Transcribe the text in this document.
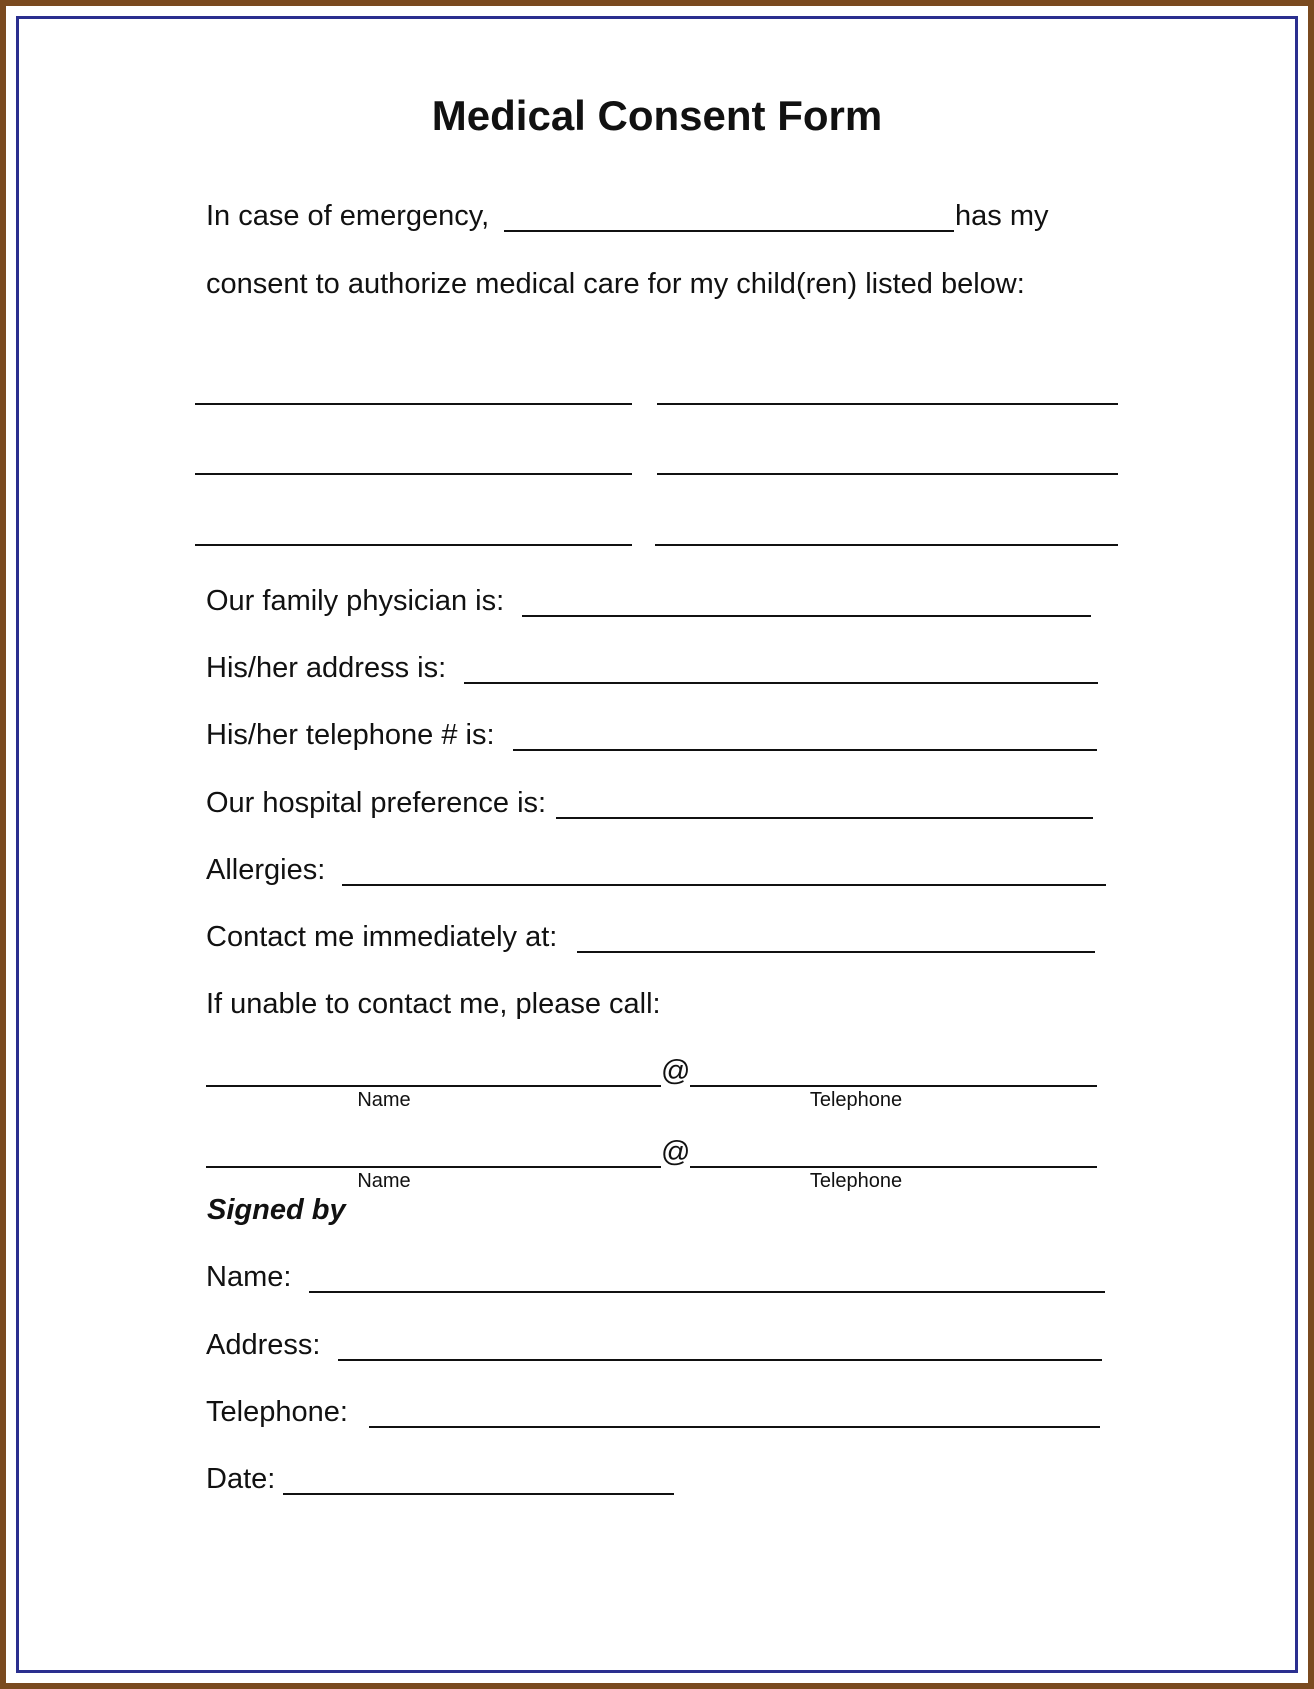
Medical Consent Form
In case of emergency,	has my
consent to authorize medical care for my child(ren) listed below:
Our family physician is:
His/her address is:
His/her telephone # is:
Our hospital preference is:
Allergies:
Contact me immediately at:
If unable to contact me, please call:
@
Name	Telephone
@
Name	Telephone
Signed by
Name:
Address:
Telephone:
Date:
